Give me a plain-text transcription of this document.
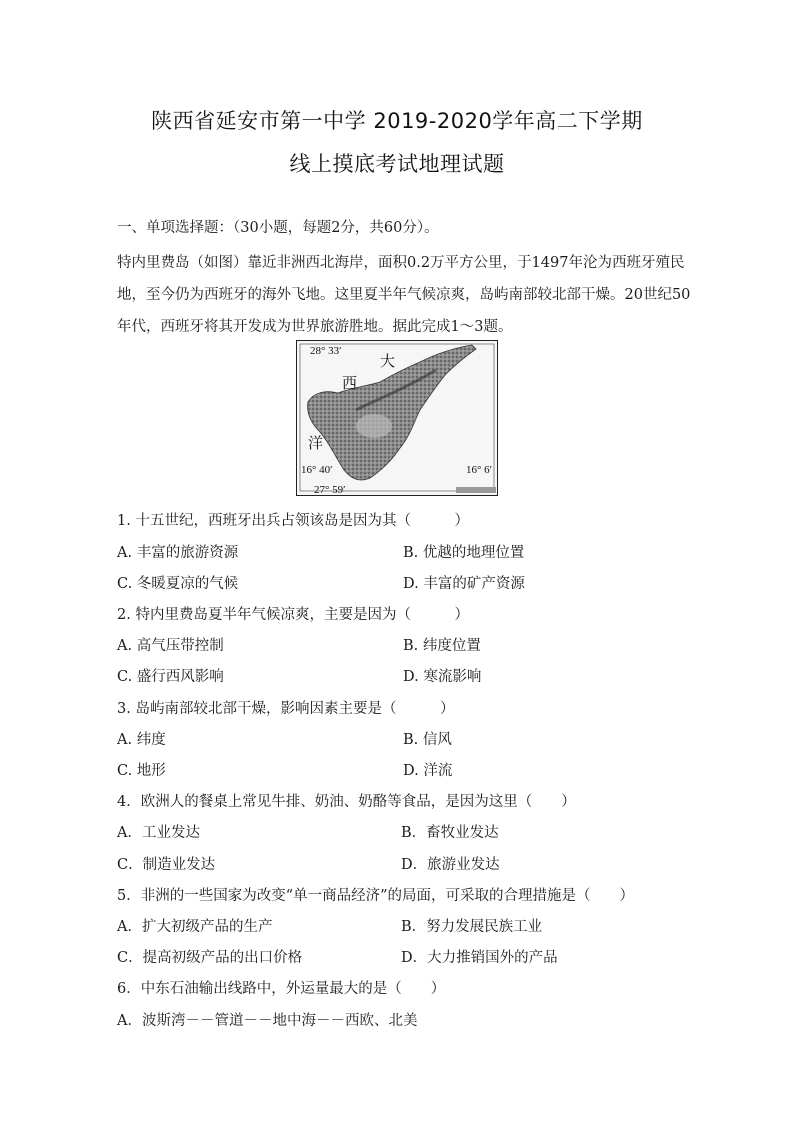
陕西省延安市第一中学 2019-2020学年高二下学期
线上摸底考试地理试题
一、单项选择题：（30小题，每题2分，共60分）。
特内里费岛（如图）靠近非洲西北海岸，面积0.2万平方公里，于1497年沦为西班牙殖民
地，至今仍为西班牙的海外飞地。这里夏半年气候凉爽，岛屿南部较北部干燥。20世纪50
年代，西班牙将其开发成为世界旅游胜地。据此完成1～3题。
28° 33′
27° 59′
16° 40′	16° 6′
大
西
洋
1. 十五世纪，西班牙出兵占领该岛是因为其（　　　）
A. 丰富的旅游资源	B. 优越的地理位置
C. 冬暖夏凉的气候	D. 丰富的矿产资源
2. 特内里费岛夏半年气候凉爽，主要是因为（　　　）
A. 高气压带控制	B. 纬度位置
C. 盛行西风影响	D. 寒流影响
3. 岛屿南部较北部干燥，影响因素主要是（　　　）
A. 纬度	B. 信风
C. 地形	D. 洋流
4．欧洲人的餐桌上常见牛排、奶油、奶酪等食品，是因为这里（　　）
A．工业发达	B．畜牧业发达
C．制造业发达	D．旅游业发达
5．非洲的一些国家为改变“单一商品经济”的局面，可采取的合理措施是（　　）
A．扩大初级产品的生产	B．努力发展民族工业
C．提高初级产品的出口价格	D．大力推销国外的产品
6．中东石油输出线路中，外运量最大的是（　　）
A．波斯湾－－管道－－地中海－－西欧、北美
